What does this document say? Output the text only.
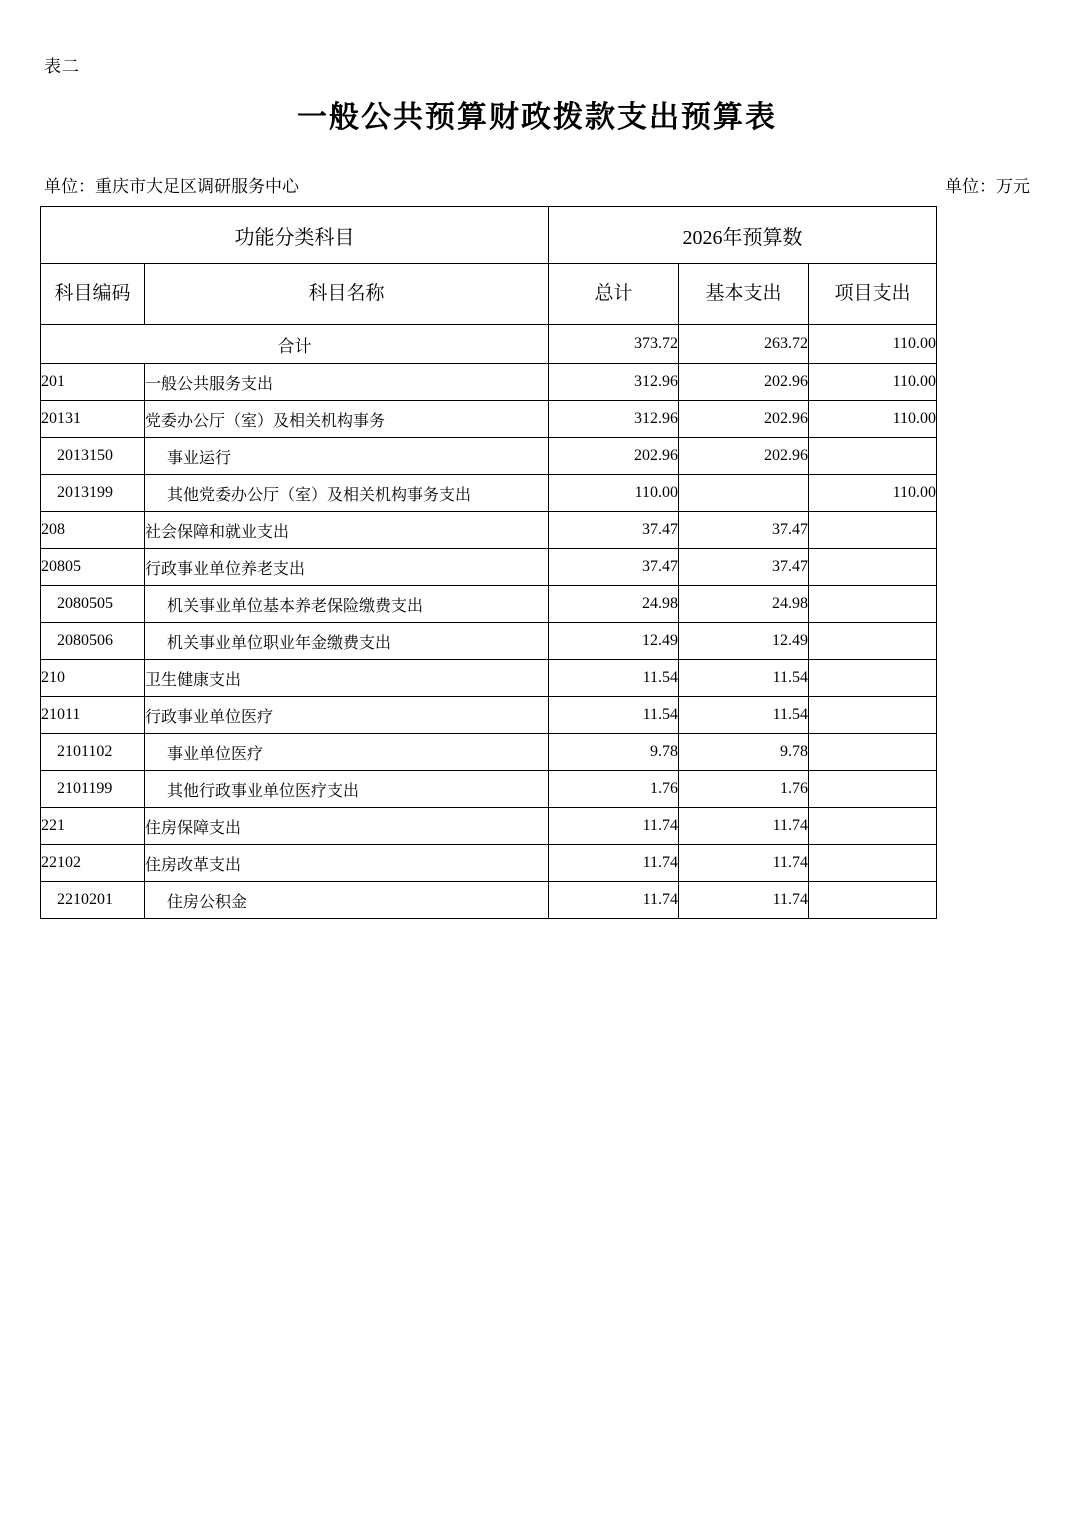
表二
一般公共预算财政拨款支出预算表
单位：重庆市大足区调研服务中心	单位：万元
功能分类科目		2026年预算数		
科目编码	科目名称	总计	基本支出	项目支出
合计		373.72	263.72	110.00
201	一般公共服务支出	312.96	202.96	110.00
20131	党委办公厅（室）及相关机构事务	312.96	202.96	110.00
2013150	事业运行	202.96	202.96	
2013199	其他党委办公厅（室）及相关机构事务支出	110.00		110.00
208	社会保障和就业支出	37.47	37.47	
20805	行政事业单位养老支出	37.47	37.47	
2080505	机关事业单位基本养老保险缴费支出	24.98	24.98	
2080506	机关事业单位职业年金缴费支出	12.49	12.49	
210	卫生健康支出	11.54	11.54	
21011	行政事业单位医疗	11.54	11.54	
2101102	事业单位医疗	9.78	9.78	
2101199	其他行政事业单位医疗支出	1.76	1.76	
221	住房保障支出	11.74	11.74	
22102	住房改革支出	11.74	11.74	
2210201	住房公积金	11.74	11.74	
